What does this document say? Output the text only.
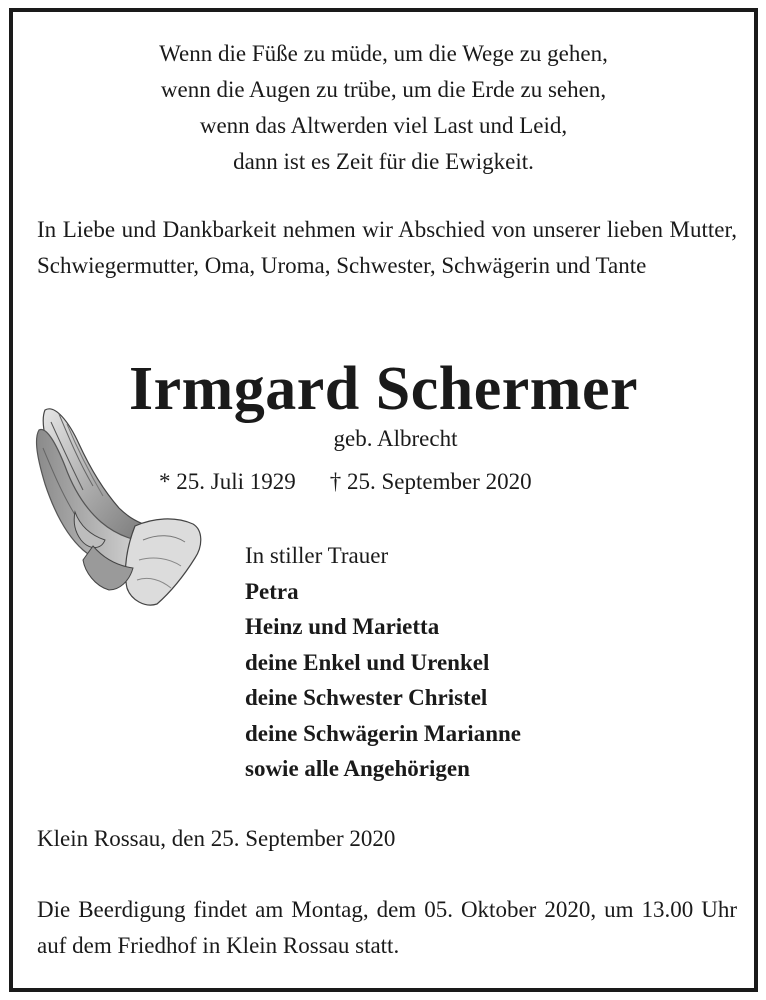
Wenn die Füße zu müde, um die Wege zu gehen,
wenn die Augen zu trübe, um die Erde zu sehen,
wenn das Altwerden viel Last und Leid,
dann ist es Zeit für die Ewigkeit.
In Liebe und Dankbarkeit nehmen wir Abschied von unserer lieben Mutter, Schwiegermutter, Oma, Uroma, Schwester, Schwägerin und Tante
Irmgard Schermer
geb. Albrecht
* 25. Juli 1929 † 25. September 2020
In stiller Trauer
Petra
Heinz und Marietta
deine Enkel und Urenkel
deine Schwester Christel
deine Schwägerin Marianne
sowie alle Angehörigen
Klein Rossau, den 25. September 2020
Die Beerdigung findet am Montag, dem 05. Oktober 2020, um 13.00 Uhr auf dem Friedhof in Klein Rossau statt.
